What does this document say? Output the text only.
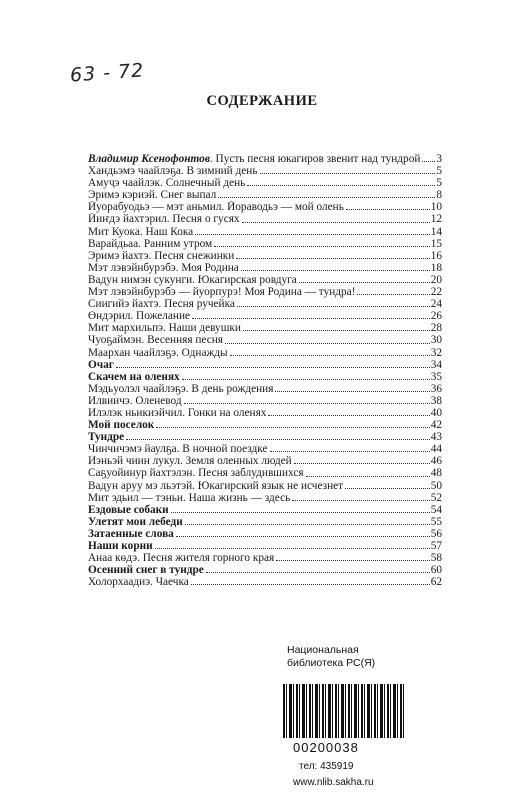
63 - 72
СОДЕРЖАНИЕ
Владимир Ксенофонтов. Пусть песня юкагиров звенит над тундрой 3
Хандьэмэ чаайлэҕа. В зимний день	5
Амуҷэ чаайлэк. Солнечный день	5
Эримэ кэриэй. Снег выпал	8
Йуорабуодьэ — мэт аньмил. Йораводьэ — мой олень	10
Йиҥдэ йахтэрил. Песня о гусях	12
Мит Куока. Наш Кока	14
Варайдьаа. Ранним утром	15
Эримэ йахтэ. Песня снежинки	16
Мэт лэвэйнбурэбэ. Моя Родина	18
Вадун нимэн сукунги. Юкагирская ровдуга	20
Мэт лэвэйнбурэбэ — йуорпурэ! Моя Родина — тундра!	22
Сиигийэ йахтэ. Песня ручейка	24
Өндэрил. Пожелание	26
Мит мархильпэ. Наши девушки	28
Чуоҕаймэн. Весенняя песня	30
Маархан чаайлэҕэ. Однажды	32
Очаг	34
Скачем на оленях	35
Мэдьуолэл чаайлэҕэ. В день рождения	36
Илвиичэ. Оленевод	38
Илэлэк ньикиэйчил. Гонки на оленях	40
Мой поселок	42
Тундре	43
Чинчичэмэ йаулҕа. В ночной поездке	44
Иэньэй чиин лукул. Земля оленных людей	46
Саҕуойинур йахтэлэн. Песня заблудившихся	48
Вадун аруу мэ льэтэй. Юкагирский язык не исчезнет	50
Мит эдьил — тэньи. Наша жизнь — здесь	52
Ездовые собаки	54
Улетят мои лебеди	55
Затаенные слова	56
Наши корни	57
Анаа көдэ. Песня жителя горного края	58
Осенний снег в тундре	60
Холорхаадиэ. Чаечка	62
Национальная
библиотека РС(Я)
00200038
тел: 435919
www.nlib.sakha.ru
